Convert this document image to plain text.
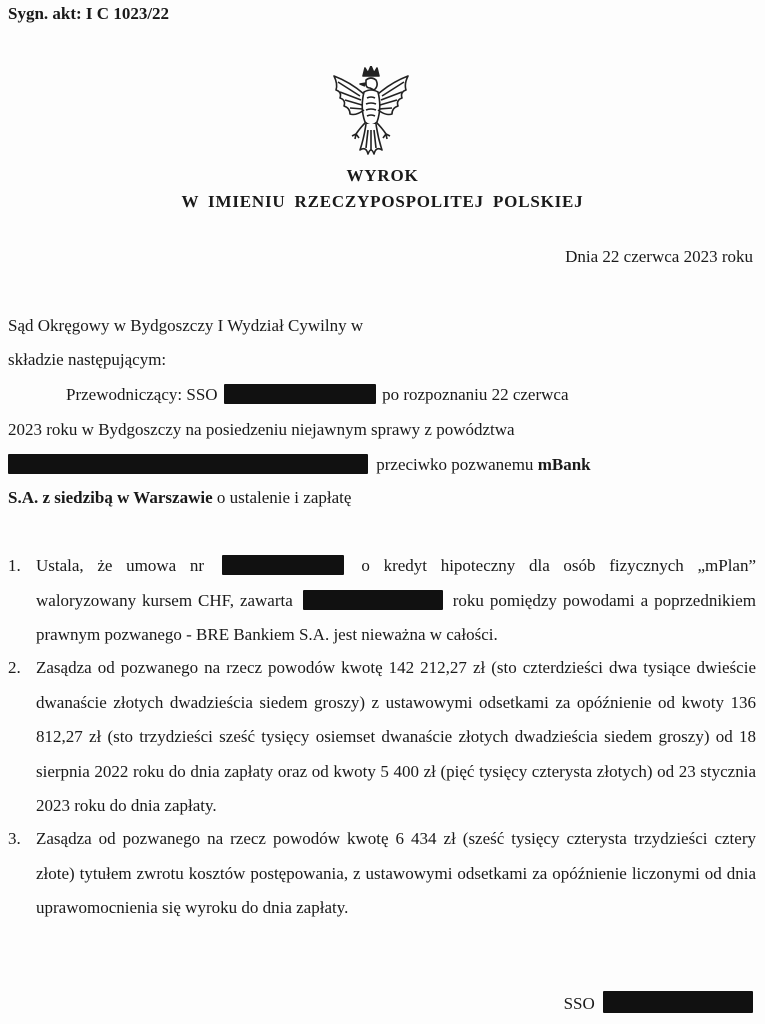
Sygn. akt: I C 1023/22
WYROK
W IMIENIU RZECZYPOSPOLITEJ POLSKIEJ
Dnia 22 czerwca 2023 roku
Sąd Okręgowy w Bydgoszczy I Wydział Cywilny w
składzie następującym:
Przewodniczący: SSO	po rozpoznaniu 22 czerwca
2023 roku w Bydgoszczy na posiedzeniu niejawnym sprawy z powództwa
przeciwko pozwanemu mBank
S.A. z siedzibą w Warszawie o ustalenie i zapłatę
1. Ustala, że umowa nr	o kredyt hipoteczny dla osób fizycznych „mPlan” waloryzowany kursem CHF, zawarta	roku pomiędzy powodami a poprzednikiem prawnym pozwanego - BRE Bankiem S.A. jest nieważna w całości.
2. Zasądza od pozwanego na rzecz powodów kwotę 142 212,27 zł (sto czterdzieści dwa tysiące dwieście dwanaście złotych dwadzieścia siedem groszy) z ustawowymi odsetkami za opóźnienie od kwoty 136 812,27 zł (sto trzydzieści sześć tysięcy osiemset dwanaście złotych dwadzieścia siedem groszy) od 18 sierpnia 2022 roku do dnia zapłaty oraz od kwoty 5 400 zł (pięć tysięcy czterysta złotych) od 23 stycznia 2023 roku do dnia zapłaty.
3. Zasądza od pozwanego na rzecz powodów kwotę 6 434 zł (sześć tysięcy czterysta trzydzieści cztery złote) tytułem zwrotu kosztów postępowania, z ustawowymi odsetkami za opóźnienie liczonymi od dnia uprawomocnienia się wyroku do dnia zapłaty.
SSO
